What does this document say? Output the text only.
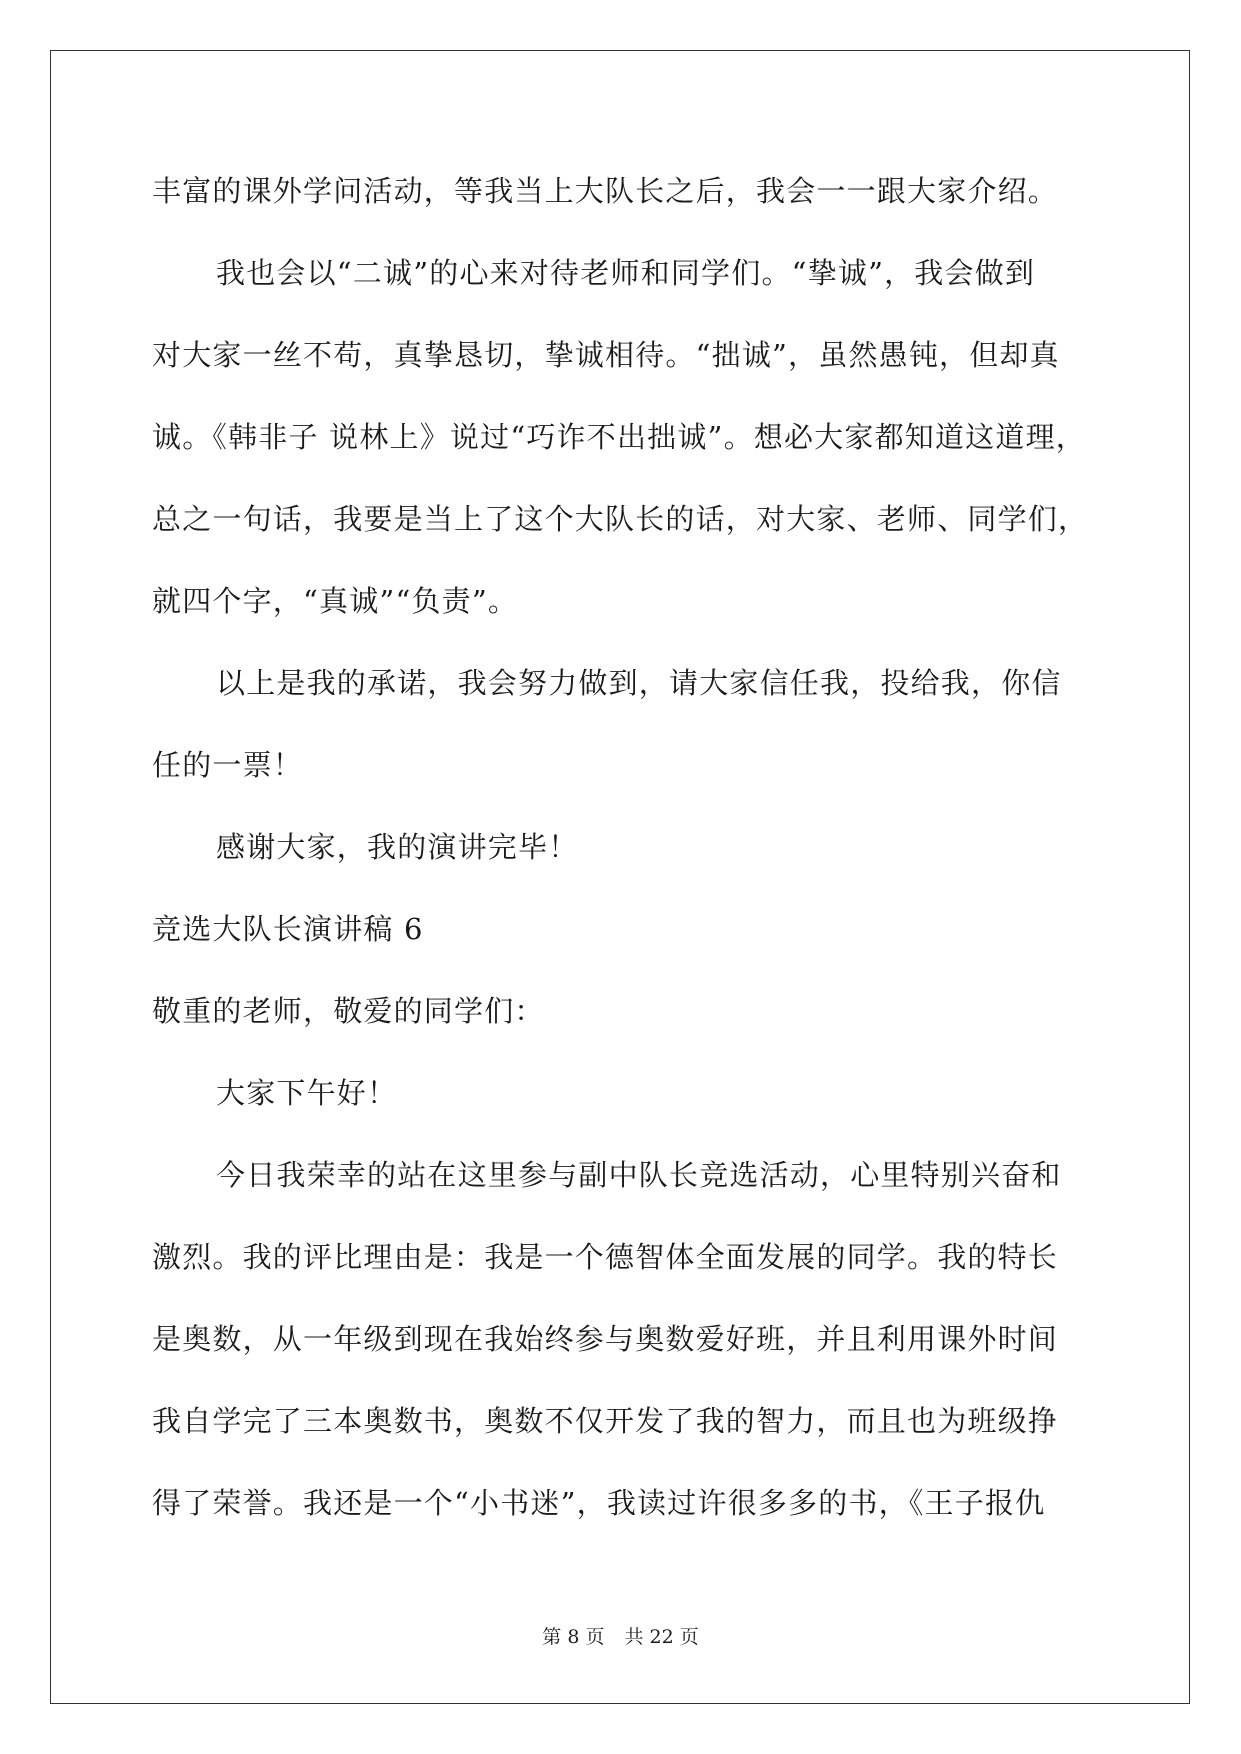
丰富的课外学问活动，等我当上大队长之后，我会一一跟大家介绍。
我也会以“二诚”的心来对待老师和同学们。“挚诚”，我会做到
对大家一丝不苟，真挚恳切，挚诚相待。“拙诚”，虽然愚钝，但却真
诚。《韩非子 说林上》说过“巧诈不出拙诚”。想必大家都知道这道理，
总之一句话，我要是当上了这个大队长的话，对大家、老师、同学们，
就四个字，“真诚”“负责”。
以上是我的承诺，我会努力做到，请大家信任我，投给我，你信
任的一票！
感谢大家，我的演讲完毕！
竞选大队长演讲稿 6
敬重的老师，敬爱的同学们：
大家下午好！
今日我荣幸的站在这里参与副中队长竞选活动，心里特别兴奋和
激烈。我的评比理由是：我是一个德智体全面发展的同学。我的特长
是奥数，从一年级到现在我始终参与奥数爱好班，并且利用课外时间
我自学完了三本奥数书，奥数不仅开发了我的智力，而且也为班级挣
得了荣誉。我还是一个“小书迷”，我读过许很多多的书，《王子报仇
第 8 页 共 22 页
